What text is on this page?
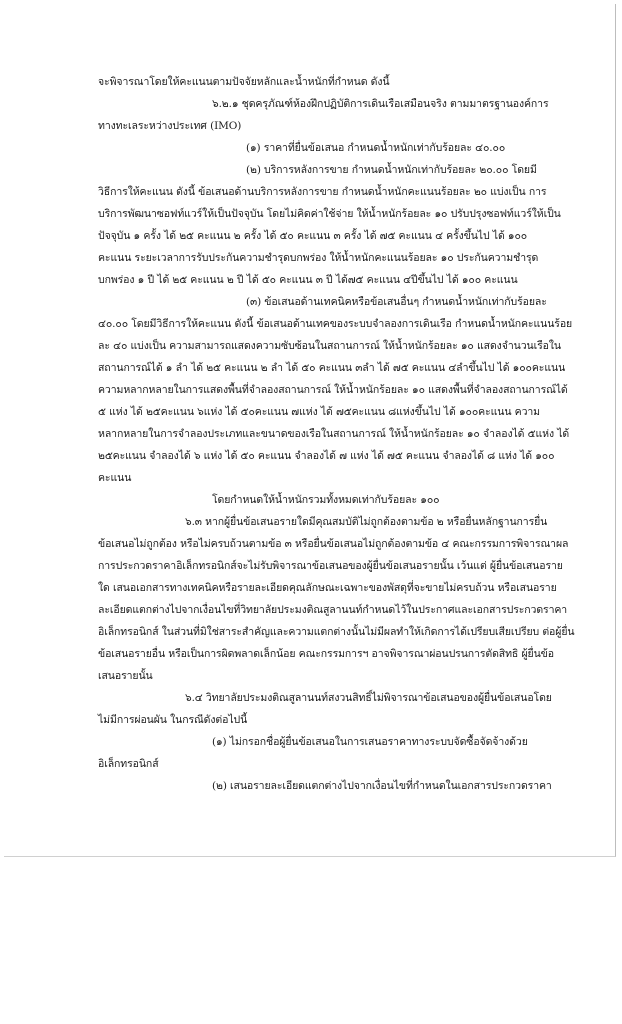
จะพิจารณาโดยให้คะแนนตามปัจจัยหลักและน้ำหนักที่กำหนด ดังนี้
๖.๒.๑ ชุดครุภัณฑ์ห้องฝึกปฏิบัติการเดินเรือเสมือนจริง ตามมาตรฐานองค์การ
ทางทะเลระหว่างประเทศ (IMO)
(๑) ราคาที่ยื่นข้อเสนอ กำหนดน้ำหนักเท่ากับร้อยละ ๔๐.๐๐
(๒) บริการหลังการขาย กำหนดน้ำหนักเท่ากับร้อยละ ๒๐.๐๐ โดยมี
วิธีการให้คะแนน ดังนี้ ข้อเสนอด้านบริการหลังการขาย กำหนดน้ำหนักคะแนนร้อยละ ๒๐ แบ่งเป็น การ
บริการพัฒนาซอฟท์แวร์ให้เป็นปัจจุบัน โดยไม่คิดค่าใช้จ่าย ให้น้ำหนักร้อยละ ๑๐ ปรับปรุงซอฟท์แวร์ให้เป็น
ปัจจุบัน ๑ ครั้ง ได้ ๒๕ คะแนน ๒ ครั้ง ได้ ๕๐ คะแนน ๓ ครั้ง ได้ ๗๕ คะแนน ๔ ครั้งขึ้นไป ได้ ๑๐๐
คะแนน ระยะเวลาการรับประกันความชำรุดบกพร่อง ให้น้ำหนักคะแนนร้อยละ ๑๐ ประกันความชำรุด
บกพร่อง ๑ ปี ได้ ๒๕ คะแนน ๒ ปี ได้ ๕๐ คะแนน ๓ ปี ได้๗๕ คะแนน ๔ปีขึ้นไป ได้ ๑๐๐ คะแนน
(๓) ข้อเสนอด้านเทคนิคหรือข้อเสนอื่นๆ กำหนดน้ำหนักเท่ากับร้อยละ
๔๐.๐๐ โดยมีวิธีการให้คะแนน ดังนี้ ข้อเสนอด้านเทคของระบบจำลองการเดินเรือ กำหนดน้ำหนักคะแนนร้อย
ละ ๔๐ แบ่งเป็น ความสามารถแสดงความซับซ้อนในสถานการณ์ ให้น้ำหนักร้อยละ ๑๐ แสดงจำนวนเรือใน
สถานการณ์ได้ ๑ ลำ ได้ ๒๕ คะแนน ๒ ลำ ได้ ๕๐ คะแนน ๓ลำ ได้ ๗๕ คะแนน ๔ลำขึ้นไป ได้ ๑๐๐คะแนน
ความหลากหลายในการแสดงพื้นที่จำลองสถานการณ์ ให้น้ำหนักร้อยละ ๑๐ แสดงพื้นที่จำลองสถานการณ์ได้
๕ แห่ง ได้ ๒๕คะแนน ๖แห่ง ได้ ๕๐คะแนน ๗แห่ง ได้ ๗๕คะแนน ๘แห่งขึ้นไป ได้ ๑๐๐คะแนน ความ
หลากหลายในการจำลองประเภทและขนาดของเรือในสถานการณ์ ให้น้ำหนักร้อยละ ๑๐ จำลองได้ ๕แห่ง ได้
๒๕คะแนน จำลองได้ ๖ แห่ง ได้ ๕๐ คะแนน จำลองได้ ๗ แห่ง ได้ ๗๕ คะแนน จำลองได้ ๘ แห่ง ได้ ๑๐๐
คะแนน
โดยกำหนดให้น้ำหนักรวมทั้งหมดเท่ากับร้อยละ ๑๐๐
๖.๓ หากผู้ยื่นข้อเสนอรายใดมีคุณสมบัติไม่ถูกต้องตามข้อ ๒ หรือยื่นหลักฐานการยื่น
ข้อเสนอไม่ถูกต้อง หรือไม่ครบถ้วนตามข้อ ๓ หรือยื่นข้อเสนอไม่ถูกต้องตามข้อ ๔ คณะกรรมการพิจารณาผล
การประกวดราคาอิเล็กทรอนิกส์จะไม่รับพิจารณาข้อเสนอของผู้ยื่นข้อเสนอรายนั้น เว้นแต่ ผู้ยื่นข้อเสนอราย
ใด เสนอเอกสารทางเทคนิคหรือรายละเอียดคุณลักษณะเฉพาะของพัสดุที่จะขายไม่ครบถ้วน หรือเสนอราย
ละเอียดแตกต่างไปจากเงื่อนไขที่วิทยาลัยประมงติณสูลานนท์กำหนดไว้ในประกาศและเอกสารประกวดราคา
อิเล็กทรอนิกส์ ในส่วนที่มิใช่สาระสำคัญและความแตกต่างนั้นไม่มีผลทำให้เกิดการได้เปรียบเสียเปรียบ ต่อผู้ยื่น
ข้อเสนอรายอื่น หรือเป็นการผิดพลาดเล็กน้อย คณะกรรมการฯ อาจพิจารณาผ่อนปรนการตัดสิทธิ ผู้ยื่นข้อ
เสนอรายนั้น
๖.๔ วิทยาลัยประมงติณสูลานนท์สงวนสิทธิ์ไม่พิจารณาข้อเสนอของผู้ยื่นข้อเสนอโดย
ไม่มีการผ่อนผัน ในกรณีดังต่อไปนี้
(๑) ไม่กรอกชื่อผู้ยื่นข้อเสนอในการเสนอราคาทางระบบจัดซื้อจัดจ้างด้วย
อิเล็กทรอนิกส์
(๒) เสนอรายละเอียดแตกต่างไปจากเงื่อนไขที่กำหนดในเอกสารประกวดราคา
